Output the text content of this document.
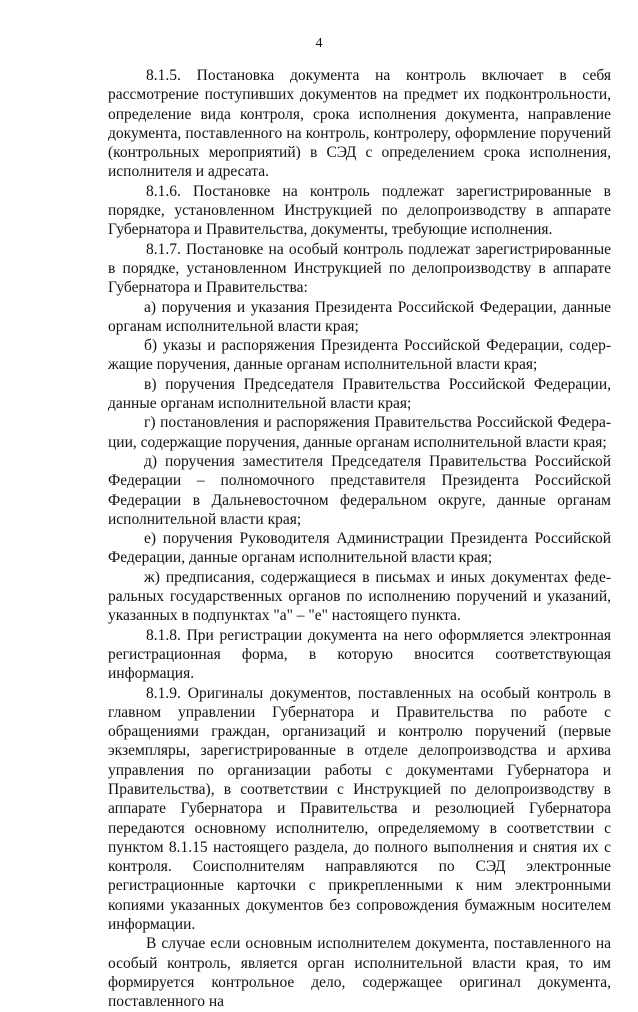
4

8.1.5. Постановка документа на контроль включает в себя рассмотрение поступивших документов на предмет их подконтрольности, определение вида контроля, срока исполнения документа, направление документа, поставленного на контроль, контролеру, оформление поручений (контрольных мероприятий) в СЭД с определением срока исполнения, исполнителя и адресата.

8.1.6. Постановке на контроль подлежат зарегистрированные в порядке, установленном Инструкцией по делопроизводству в аппарате Губернатора и Правительства, документы, требующие исполнения.

8.1.7. Постановке на особый контроль подлежат зарегистрированные в порядке, установленном Инструкцией по делопроизводству в аппарате Губернатора и Правительства:

а) поручения и указания Президента Российской Федерации, данные органам исполнительной власти края;

б) указы и распоряжения Президента Российской Федерации, содержащие поручения, данные органам исполнительной власти края;

в) поручения Председателя Правительства Российской Федерации, данные органам исполнительной власти края;

г) постановления и распоряжения Правительства Российской Федерации, содержащие поручения, данные органам исполнительной власти края;

д) поручения заместителя Председателя Правительства Российской Федерации – полномочного представителя Президента Российской Федерации в Дальневосточном федеральном округе, данные органам исполнительной власти края;

е) поручения Руководителя Администрации Президента Российской Федерации, данные органам исполнительной власти края;

ж) предписания, содержащиеся в письмах и иных документах федеральных государственных органов по исполнению поручений и указаний, указанных в подпунктах "а" – "е" настоящего пункта.

8.1.8. При регистрации документа на него оформляется электронная регистрационная форма, в которую вносится соответствующая информация.

8.1.9. Оригиналы документов, поставленных на особый контроль в главном управлении Губернатора и Правительства по работе с обращениями граждан, организаций и контролю поручений (первые экземпляры, зарегистрированные в отделе делопроизводства и архива управления по организации работы с документами Губернатора и Правительства), в соответствии с Инструкцией по делопроизводству в аппарате Губернатора и Правительства и резолюцией Губернатора передаются основному исполнителю, определяемому в соответствии с пунктом 8.1.15 настоящего раздела, до полного выполнения и снятия их с контроля. Соисполнителям направляются по СЭД электронные регистрационные карточки с прикрепленными к ним электронными копиями указанных документов без сопровождения бумажным носителем информации.

В случае если основным исполнителем документа, поставленного на особый контроль, является орган исполнительной власти края, то им формируется контрольное дело, содержащее оригинал документа, поставленного на
